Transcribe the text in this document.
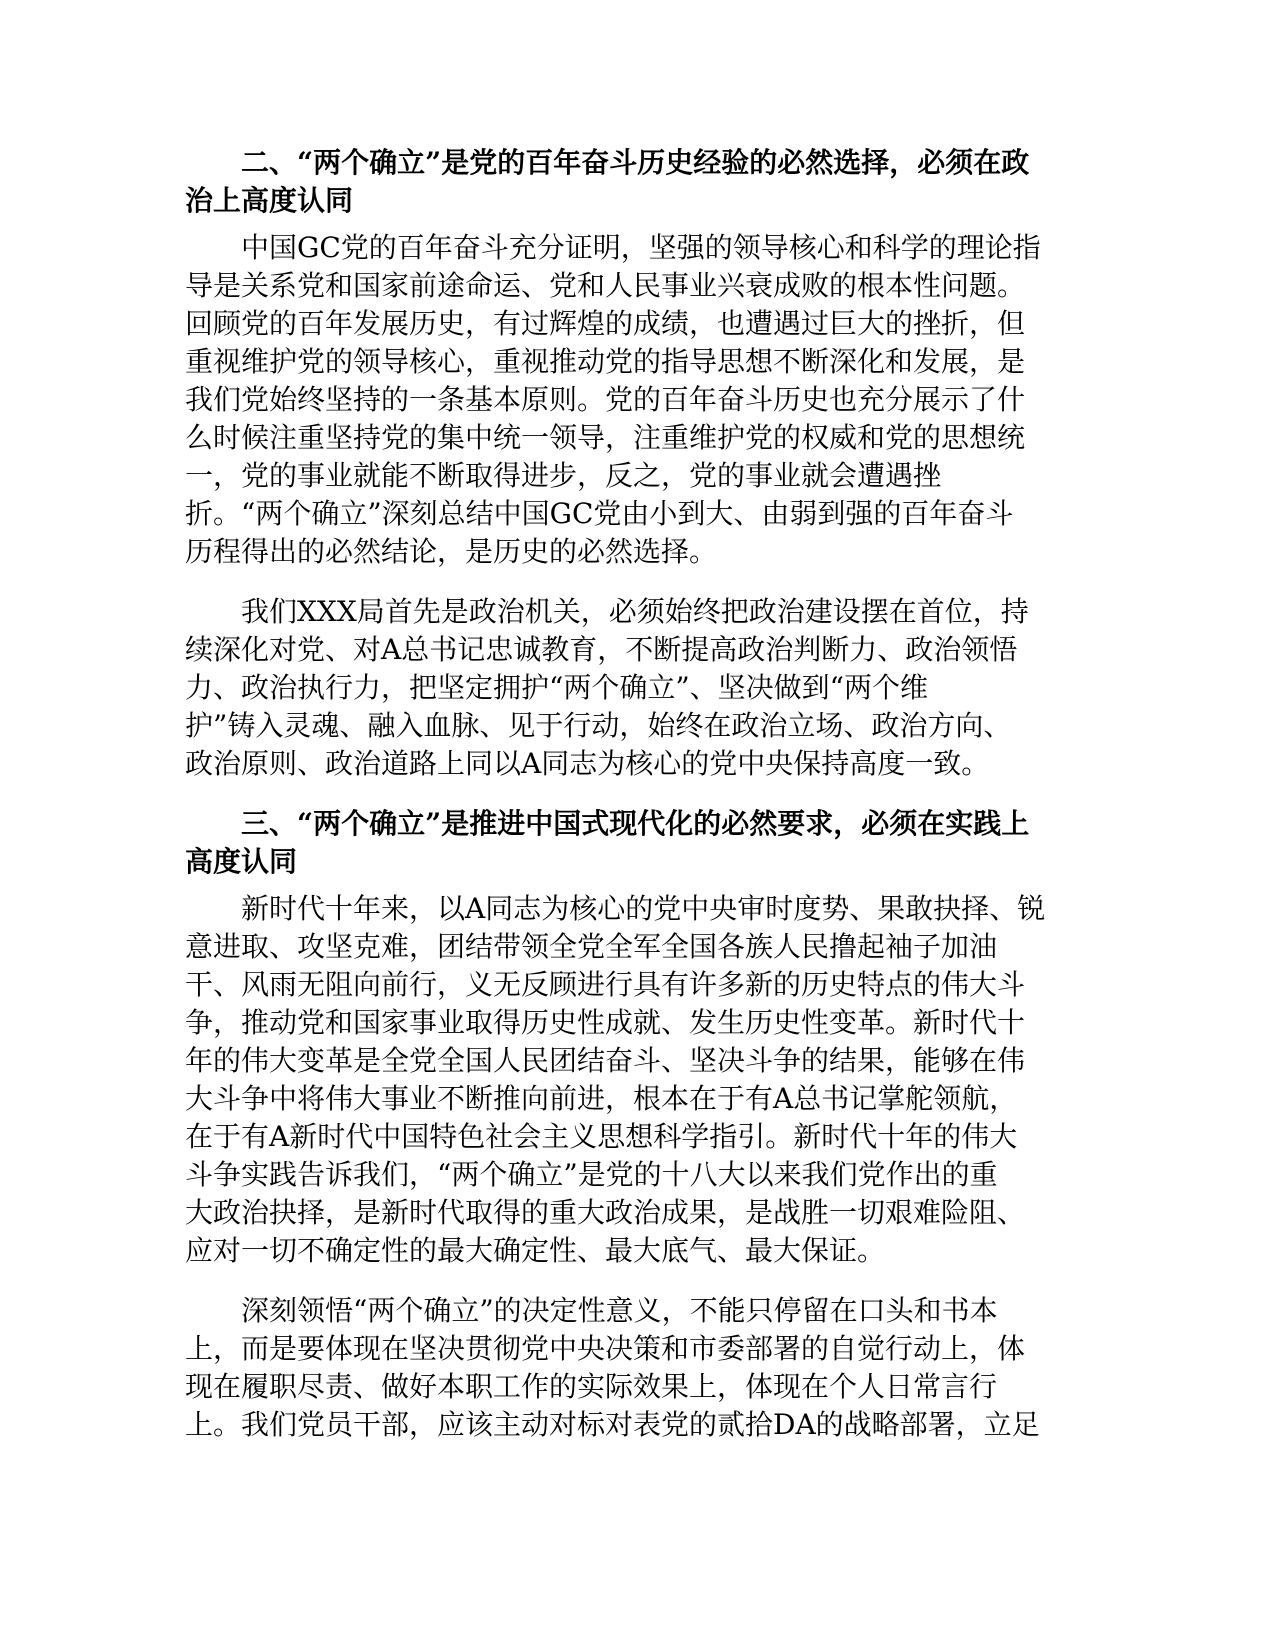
二、“两个确立”是党的百年奋斗历史经验的必然选择，必须在政
治上高度认同

中国GC党的百年奋斗充分证明，坚强的领导核心和科学的理论指
导是关系党和国家前途命运、党和人民事业兴衰成败的根本性问题。
回顾党的百年发展历史，有过辉煌的成绩，也遭遇过巨大的挫折，但
重视维护党的领导核心，重视推动党的指导思想不断深化和发展，是
我们党始终坚持的一条基本原则。党的百年奋斗历史也充分展示了什
么时候注重坚持党的集中统一领导，注重维护党的权威和党的思想统
一，党的事业就能不断取得进步，反之，党的事业就会遭遇挫
折。“两个确立”深刻总结中国GC党由小到大、由弱到强的百年奋斗
历程得出的必然结论，是历史的必然选择。

我们XXX局首先是政治机关，必须始终把政治建设摆在首位，持
续深化对党、对A总书记忠诚教育，不断提高政治判断力、政治领悟
力、政治执行力，把坚定拥护“两个确立”、坚决做到“两个维
护”铸入灵魂、融入血脉、见于行动，始终在政治立场、政治方向、
政治原则、政治道路上同以A同志为核心的党中央保持高度一致。

三、“两个确立”是推进中国式现代化的必然要求，必须在实践上
高度认同

新时代十年来，以A同志为核心的党中央审时度势、果敢抉择、锐
意进取、攻坚克难，团结带领全党全军全国各族人民撸起袖子加油
干、风雨无阻向前行，义无反顾进行具有许多新的历史特点的伟大斗
争，推动党和国家事业取得历史性成就、发生历史性变革。新时代十
年的伟大变革是全党全国人民团结奋斗、坚决斗争的结果，能够在伟
大斗争中将伟大事业不断推向前进，根本在于有A总书记掌舵领航，
在于有A新时代中国特色社会主义思想科学指引。新时代十年的伟大
斗争实践告诉我们，“两个确立”是党的十八大以来我们党作出的重
大政治抉择，是新时代取得的重大政治成果，是战胜一切艰难险阻、
应对一切不确定性的最大确定性、最大底气、最大保证。

深刻领悟“两个确立”的决定性意义，不能只停留在口头和书本
上，而是要体现在坚决贯彻党中央决策和市委部署的自觉行动上，体
现在履职尽责、做好本职工作的实际效果上，体现在个人日常言行
上。我们党员干部，应该主动对标对表党的贰拾DA的战略部署，立足
